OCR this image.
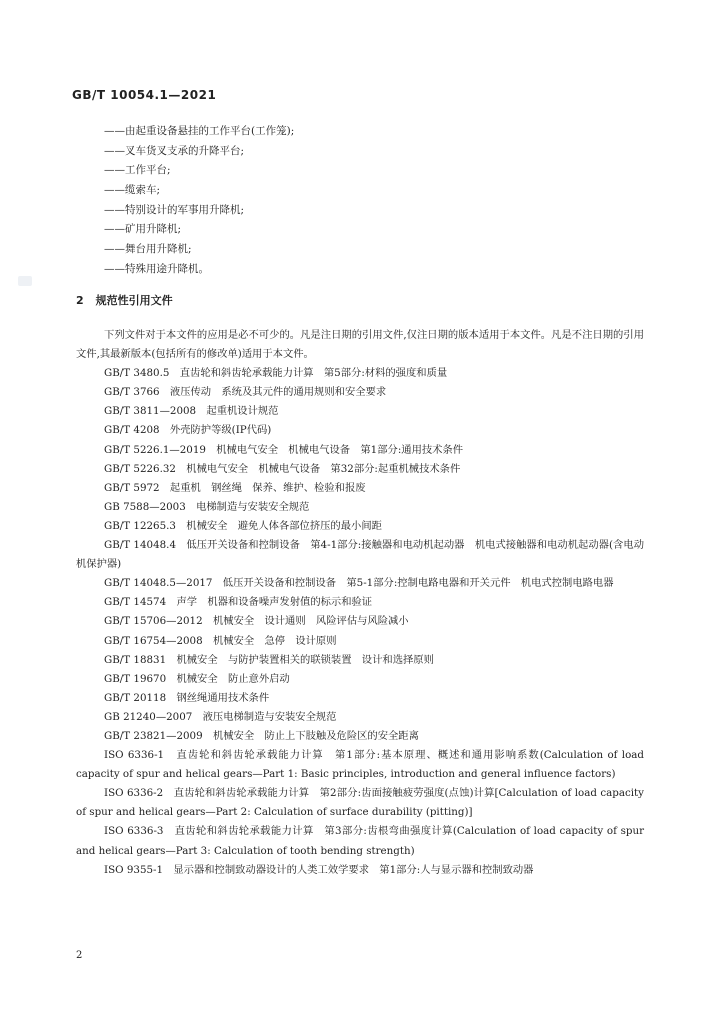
GB/T 10054.1—2021
——由起重设备悬挂的工作平台(工作笼);
——叉车货叉支承的升降平台;
——工作平台;
——缆索车;
——特别设计的军事用升降机;
——矿用升降机;
——舞台用升降机;
——特殊用途升降机。
2 规范性引用文件

下列文件对于本文件的应用是必不可少的。凡是注日期的引用文件,仅注日期的版本适用于本文件。凡是不注日期的引用文件,其最新版本(包括所有的修改单)适用于本文件。

GB/T 3480.5　直齿轮和斜齿轮承载能力计算　第5部分:材料的强度和质量

GB/T 3766　液压传动　系统及其元件的通用规则和安全要求

GB/T 3811—2008　起重机设计规范

GB/T 4208　外壳防护等级(IP代码)

GB/T 5226.1—2019　机械电气安全　机械电气设备　第1部分:通用技术条件

GB/T 5226.32　机械电气安全　机械电气设备　第32部分:起重机械技术条件

GB/T 5972　起重机　钢丝绳　保养、维护、检验和报废

GB 7588—2003　电梯制造与安装安全规范

GB/T 12265.3　机械安全　避免人体各部位挤压的最小间距

GB/T 14048.4　低压开关设备和控制设备　第4-1部分:接触器和电动机起动器　机电式接触器和电动机起动器(含电动机保护器)

GB/T 14048.5—2017　低压开关设备和控制设备　第5-1部分:控制电路电器和开关元件　机电式控制电路电器

GB/T 14574　声学　机器和设备噪声发射值的标示和验证

GB/T 15706—2012　机械安全　设计通则　风险评估与风险减小

GB/T 16754—2008　机械安全　急停　设计原则

GB/T 18831　机械安全　与防护装置相关的联锁装置　设计和选择原则

GB/T 19670　机械安全　防止意外启动

GB/T 20118　钢丝绳通用技术条件

GB 21240—2007　液压电梯制造与安装安全规范

GB/T 23821—2009　机械安全　防止上下肢触及危险区的安全距离

ISO 6336-1　直齿轮和斜齿轮承载能力计算　第1部分:基本原理、概述和通用影响系数(Calculation of load capacity of spur and helical gears—Part 1: Basic principles, introduction and general influence factors)

ISO 6336-2　直齿轮和斜齿轮承载能力计算　第2部分:齿面接触疲劳强度(点蚀)计算[Calculation of load capacity of spur and helical gears—Part 2: Calculation of surface durability (pitting)]

ISO 6336-3　直齿轮和斜齿轮承载能力计算　第3部分:齿根弯曲强度计算(Calculation of load capacity of spur and helical gears—Part 3: Calculation of tooth bending strength)

ISO 9355-1　显示器和控制致动器设计的人类工效学要求　第1部分:人与显示器和控制致动器

2
